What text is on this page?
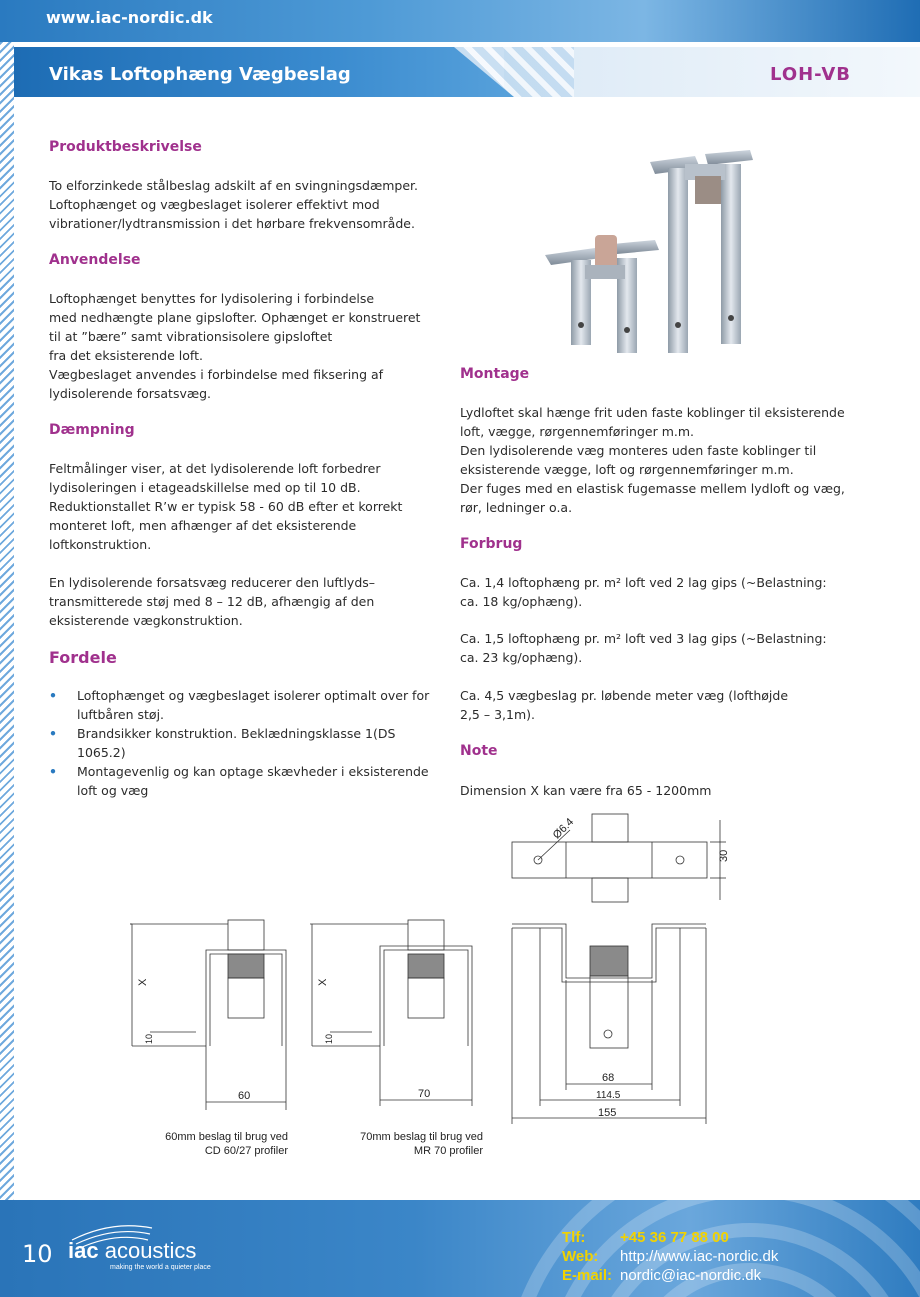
www.iac-nordic.dk
Vikas Loftophæng Vægbeslag	LOH-VB
Produktbeskrivelse
To elforzinkede stålbeslag adskilt af en svingningsdæmper.
Loftophænget og vægbeslaget isolerer effektivt mod
vibrationer/lydtransmission i det hørbare frekvensområde.
Anvendelse
Loftophænget benyttes for lydisolering i forbindelse
med nedhængte plane gipslofter. Ophænget er konstrueret
til at ”bære” samt vibrationsisolere gipsloftet
fra det eksisterende loft.
Vægbeslaget anvendes i forbindelse med fiksering af
lydisolerende forsatsvæg.
Dæmpning
Feltmålinger viser, at det lydisolerende loft forbedrer
lydisoleringen i etageadskillelse med op til 10 dB.
Reduktionstallet R’w er typisk 58 - 60 dB efter et korrekt
monteret loft, men afhænger af det eksisterende
loftkonstruktion.
En lydisolerende forsatsvæg reducerer den luftlyds–
transmitterede støj med 8 – 12 dB, afhængig af den
eksisterende vægkonstruktion.
Fordele
• Loftophænget og vægbeslaget isolerer optimalt over for
luftbåren støj.
• Brandsikker konstruktion. Beklædningsklasse 1(DS
1065.2)
• Montagevenlig og kan optage skævheder i eksisterende
loft og væg
Montage
Lydloftet skal hænge frit uden faste koblinger til eksisterende
loft, vægge, rørgennemføringer m.m.
Den lydisolerende væg monteres uden faste koblinger til
eksisterende vægge, loft og rørgennemføringer m.m.
Der fuges med en elastisk fugemasse mellem lydloft og væg,
rør, ledninger o.a.
Forbrug
Ca. 1,4 loftophæng pr. m² loft ved 2 lag gips (~Belastning:
ca. 18 kg/ophæng).
Ca. 1,5 loftophæng pr. m² loft ved 3 lag gips (~Belastning:
ca. 23 kg/ophæng).
Ca. 4,5 vægbeslag pr. løbende meter væg (lofthøjde
2,5 – 3,1m).
Note
Dimension X kan være fra 65 - 1200mm
Ø6.4
30
X
10
60
X
10
70
68
114.5
155
60mm beslag til brug ved
CD 60/27 profiler
70mm beslag til brug ved
MR 70 profiler
10 iac acoustics
making the world a quieter place
Tlf: +45 36 77 88 00
Web: http://www.iac-nordic.dk
E-mail: nordic@iac-nordic.dk
